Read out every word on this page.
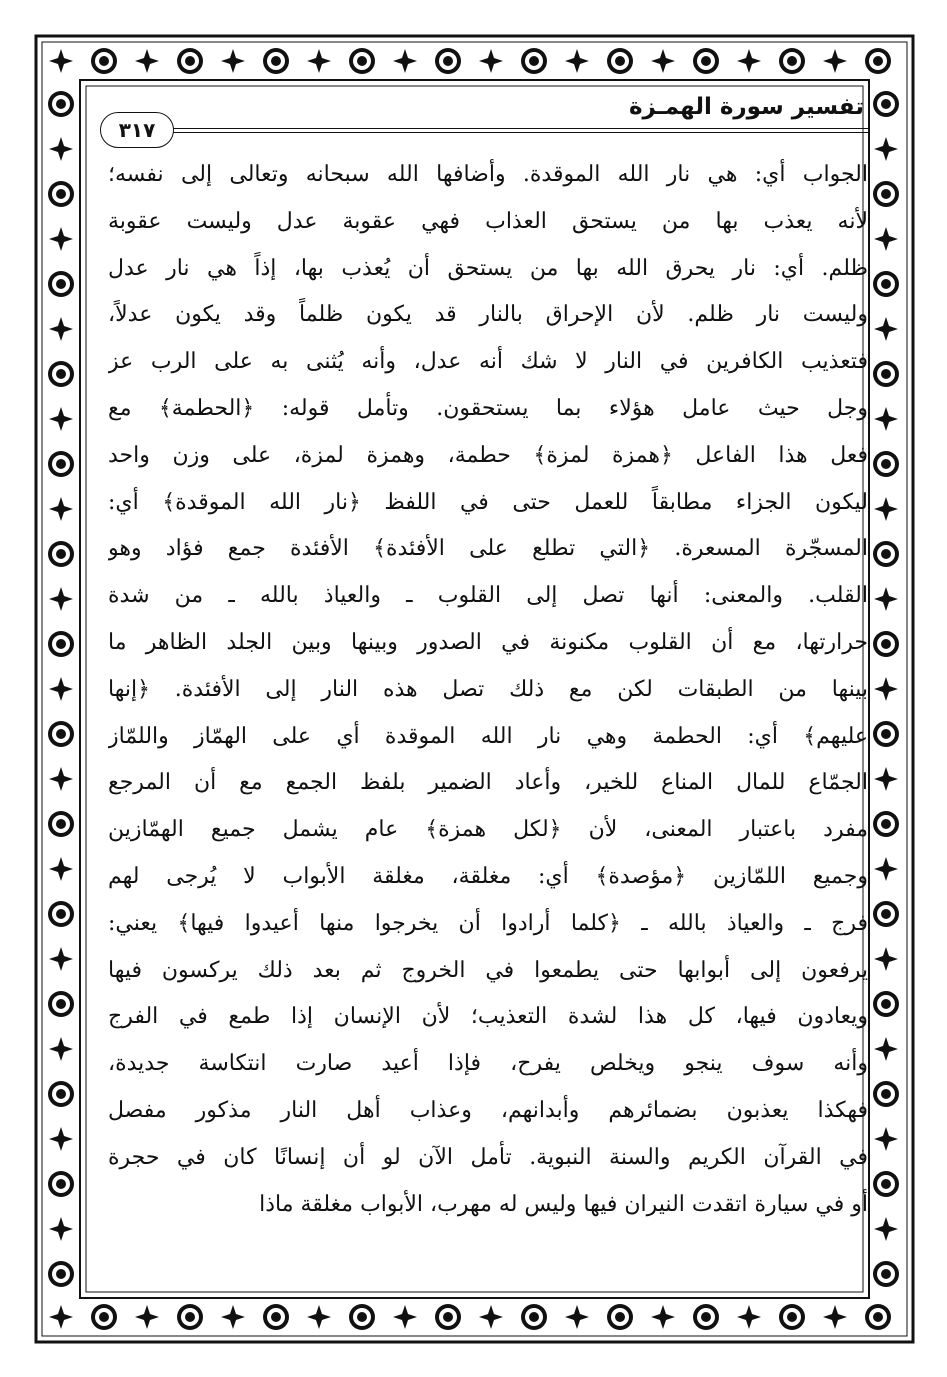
تفسير سورة الهمـزة
٣١٧
الجواب أي: هي نار الله الموقدة. وأضافها الله سبحانه وتعالى إلى نفسه؛
لأنه يعذب بها من يستحق العذاب فهي عقوبة عدل وليست عقوبة
ظلم. أي: نار يحرق الله بها من يستحق أن يُعذب بها، إذاً هي نار عدل
وليست نار ظلم. لأن الإحراق بالنار قد يكون ظلماً وقد يكون عدلاً،
فتعذيب الكافرين في النار لا شك أنه عدل، وأنه يُثنى به على الرب عز
وجل حيث عامل هؤلاء بما يستحقون. وتأمل قوله: ﴿الحطمة﴾ مع
فعل هذا الفاعل ﴿همزة لمزة﴾ حطمة، وهمزة لمزة، على وزن واحد
ليكون الجزاء مطابقاً للعمل حتى في اللفظ ﴿نار الله الموقدة﴾ أي:
المسجّرة المسعرة. ﴿التي تطلع على الأفئدة﴾ الأفئدة جمع فؤاد وهو
القلب. والمعنى: أنها تصل إلى القلوب ـ والعياذ بالله ـ من شدة
حرارتها، مع أن القلوب مكنونة في الصدور وبينها وبين الجلد الظاهر ما
بينها من الطبقات لكن مع ذلك تصل هذه النار إلى الأفئدة. ﴿إنها
عليهم﴾ أي: الحطمة وهي نار الله الموقدة أي على الهمّاز واللمّاز
الجمّاع للمال المناع للخير، وأعاد الضمير بلفظ الجمع مع أن المرجع
مفرد باعتبار المعنى، لأن ﴿لكل همزة﴾ عام يشمل جميع الهمّازين
وجميع اللمّازين ﴿مؤصدة﴾ أي: مغلقة، مغلقة الأبواب لا يُرجى لهم
فرج ـ والعياذ بالله ـ ﴿كلما أرادوا أن يخرجوا منها أعيدوا فيها﴾ يعني:
يرفعون إلى أبوابها حتى يطمعوا في الخروج ثم بعد ذلك يركسون فيها
ويعادون فيها، كل هذا لشدة التعذيب؛ لأن الإنسان إذا طمع في الفرج
وأنه سوف ينجو ويخلص يفرح، فإذا أعيد صارت انتكاسة جديدة،
فهكذا يعذبون بضمائرهم وأبدانهم، وعذاب أهل النار مذكور مفصل
في القرآن الكريم والسنة النبوية. تأمل الآن لو أن إنسانًا كان في حجرة
أو في سيارة اتقدت النيران فيها وليس له مهرب، الأبواب مغلقة ماذا
